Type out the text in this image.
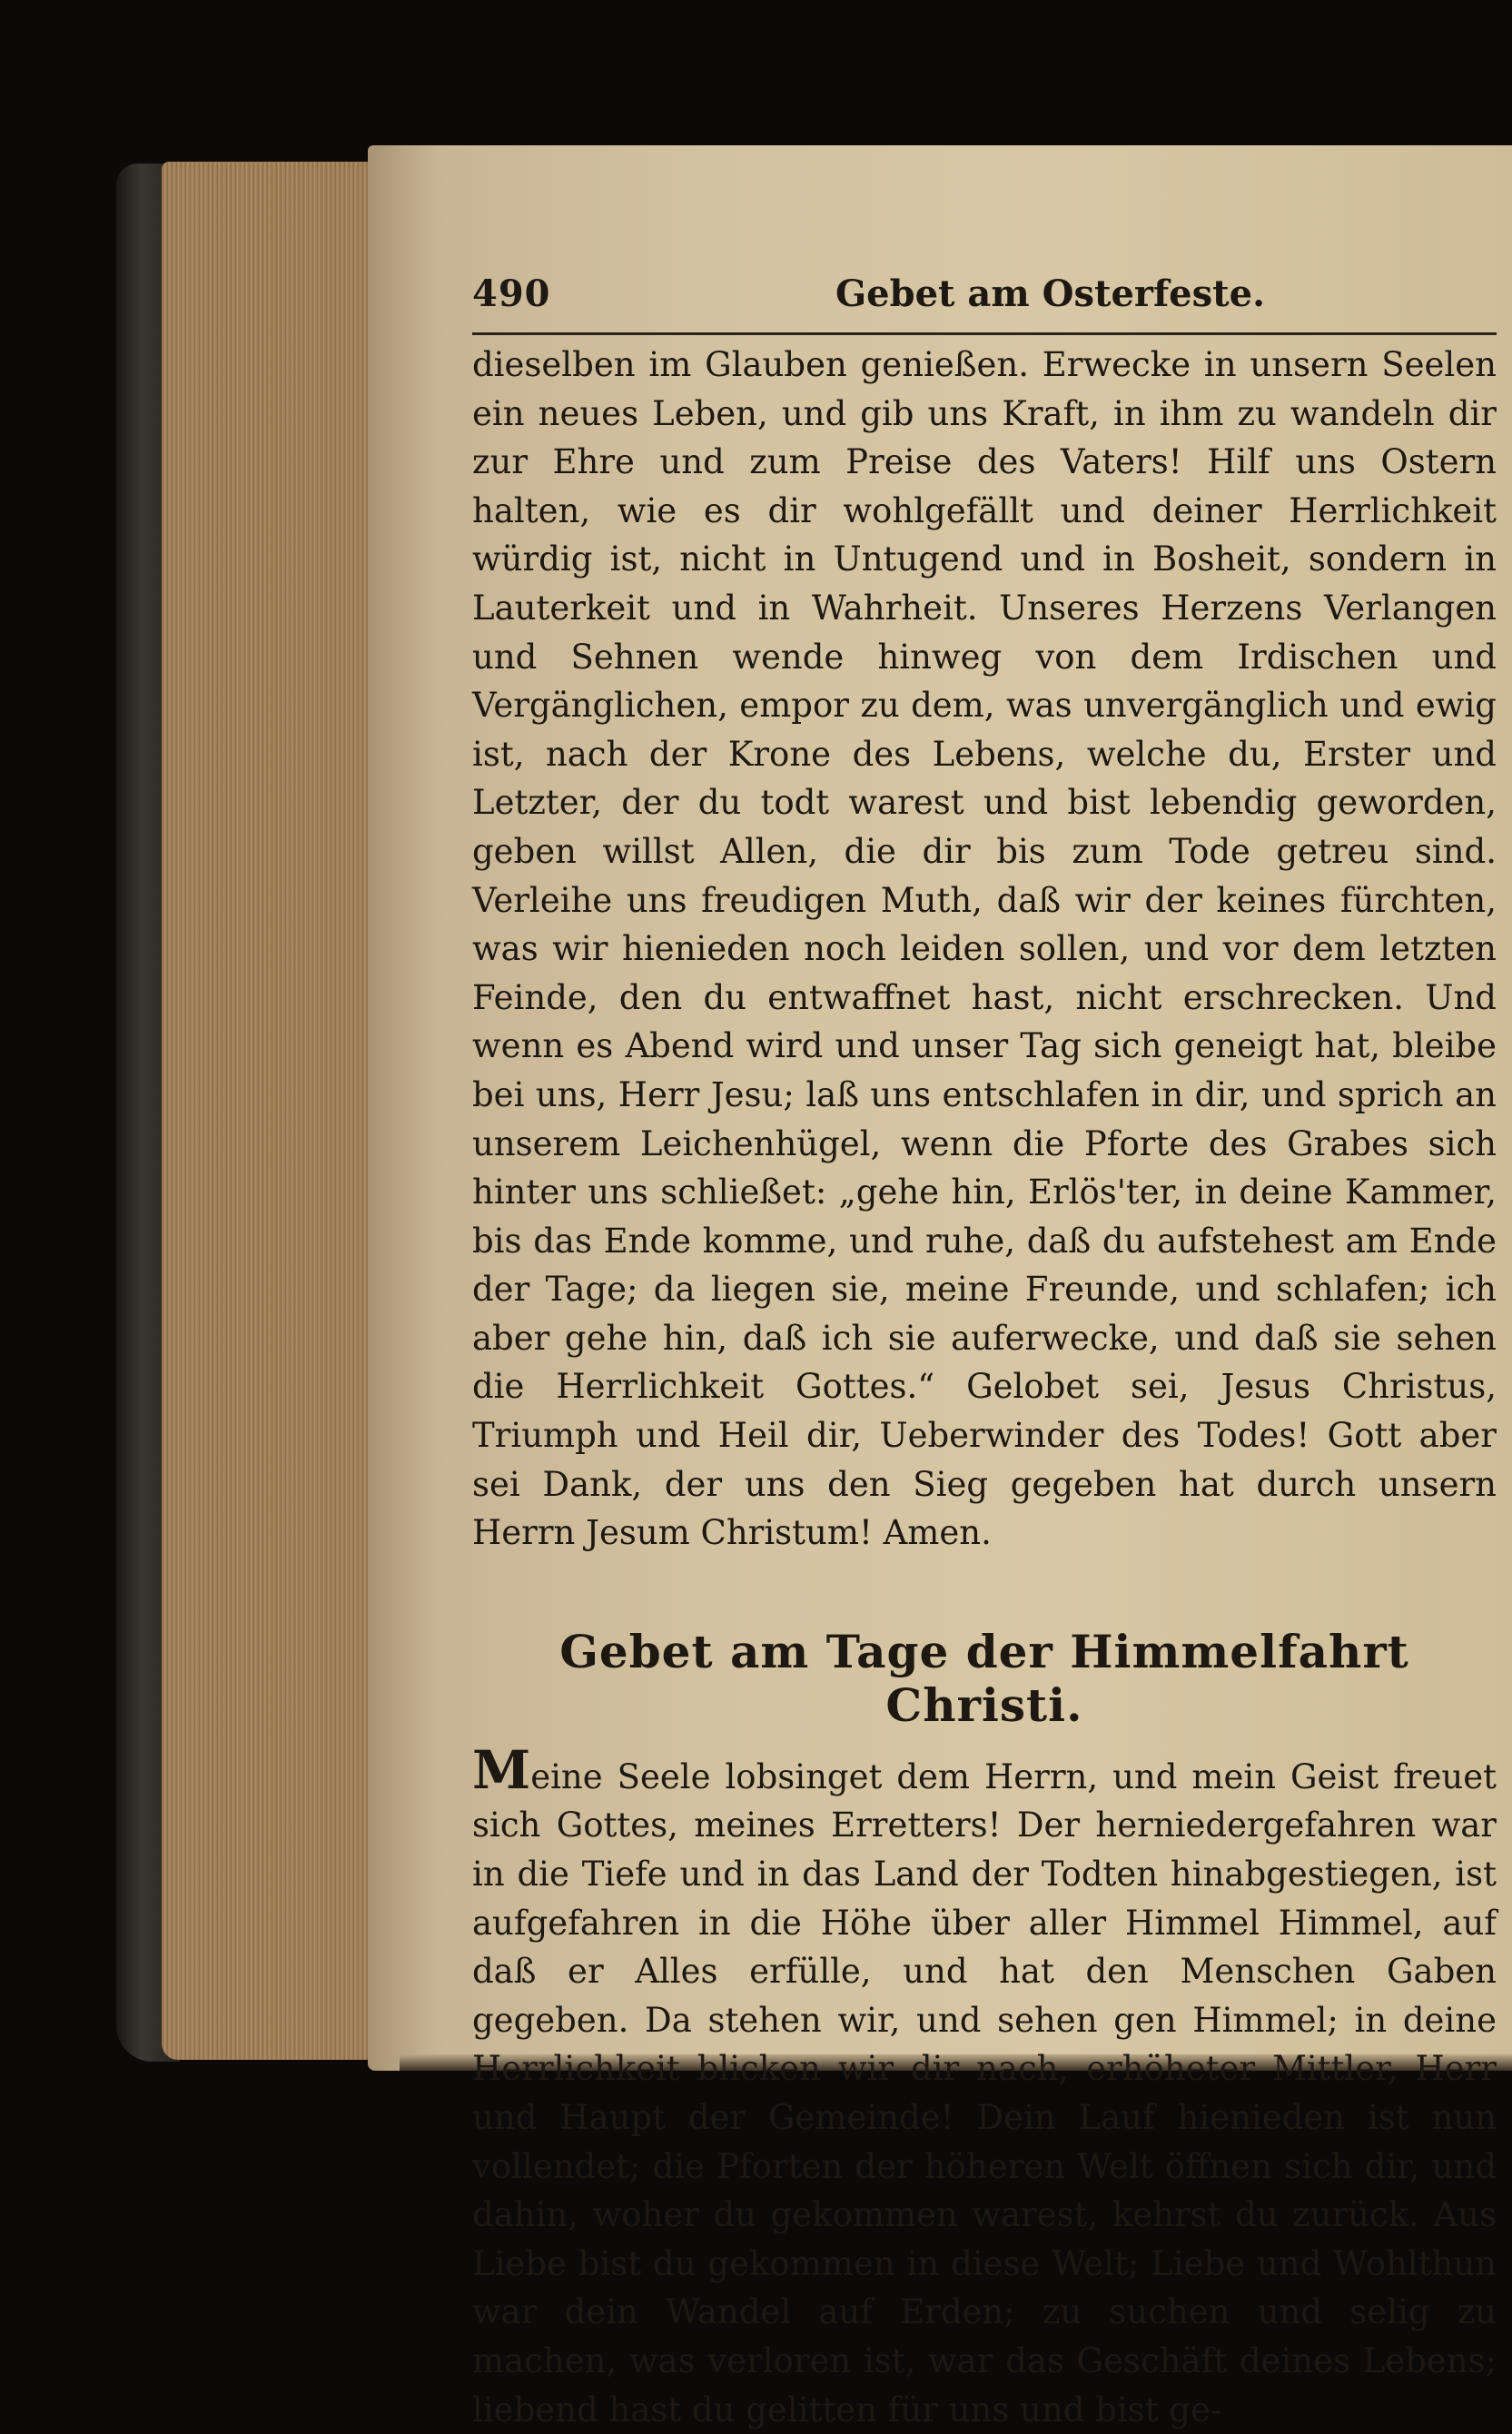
490	Gebet am Osterfeste.

dieselben im Glauben genießen. Erwecke in unsern Seelen ein neues Leben, und gib uns Kraft, in ihm zu wandeln dir zur Ehre und zum Preise des Vaters! Hilf uns Ostern halten, wie es dir wohlgefällt und deiner Herrlichkeit würdig ist, nicht in Untugend und in Bosheit, sondern in Lauterkeit und in Wahrheit. Unseres Herzens Verlangen und Sehnen wende hinweg von dem Irdischen und Vergänglichen, empor zu dem, was unvergänglich und ewig ist, nach der Krone des Lebens, welche du, Erster und Letzter, der du todt warest und bist lebendig geworden, geben willst Allen, die dir bis zum Tode getreu sind. Verleihe uns freudigen Muth, daß wir der keines fürchten, was wir hienieden noch leiden sollen, und vor dem letzten Feinde, den du entwaffnet hast, nicht erschrecken. Und wenn es Abend wird und unser Tag sich geneigt hat, bleibe bei uns, Herr Jesu; laß uns entschlafen in dir, und sprich an unserem Leichenhügel, wenn die Pforte des Grabes sich hinter uns schließet: „gehe hin, Erlös'ter, in deine Kammer, bis das Ende komme, und ruhe, daß du aufstehest am Ende der Tage; da liegen sie, meine Freunde, und schlafen; ich aber gehe hin, daß ich sie auferwecke, und daß sie sehen die Herrlichkeit Gottes.“ Gelobet sei, Jesus Christus, Triumph und Heil dir, Ueberwinder des Todes! Gott aber sei Dank, der uns den Sieg gegeben hat durch unsern Herrn Jesum Christum! Amen.

Gebet am Tage der Himmelfahrt Christi.

Meine Seele lobsinget dem Herrn, und mein Geist freuet sich Gottes, meines Erretters! Der herniedergefahren war in die Tiefe und in das Land der Todten hinabgestiegen, ist aufgefahren in die Höhe über aller Himmel Himmel, auf daß er Alles erfülle, und hat den Menschen Gaben gegeben. Da stehen wir, und sehen gen Himmel; in deine Herrlichkeit blicken wir dir nach, erhöheter Mittler, Herr und Haupt der Gemeinde! Dein Lauf hienieden ist nun vollendet; die Pforten der höheren Welt öffnen sich dir, und dahin, woher du gekommen warest, kehrst du zurück. Aus Liebe bist du gekommen in diese Welt; Liebe und Wohlthun war dein Wandel auf Erden; zu suchen und selig zu machen, was verloren ist, war das Geschäft deines Lebens; liebend hast du gelitten für uns und bist ge-
